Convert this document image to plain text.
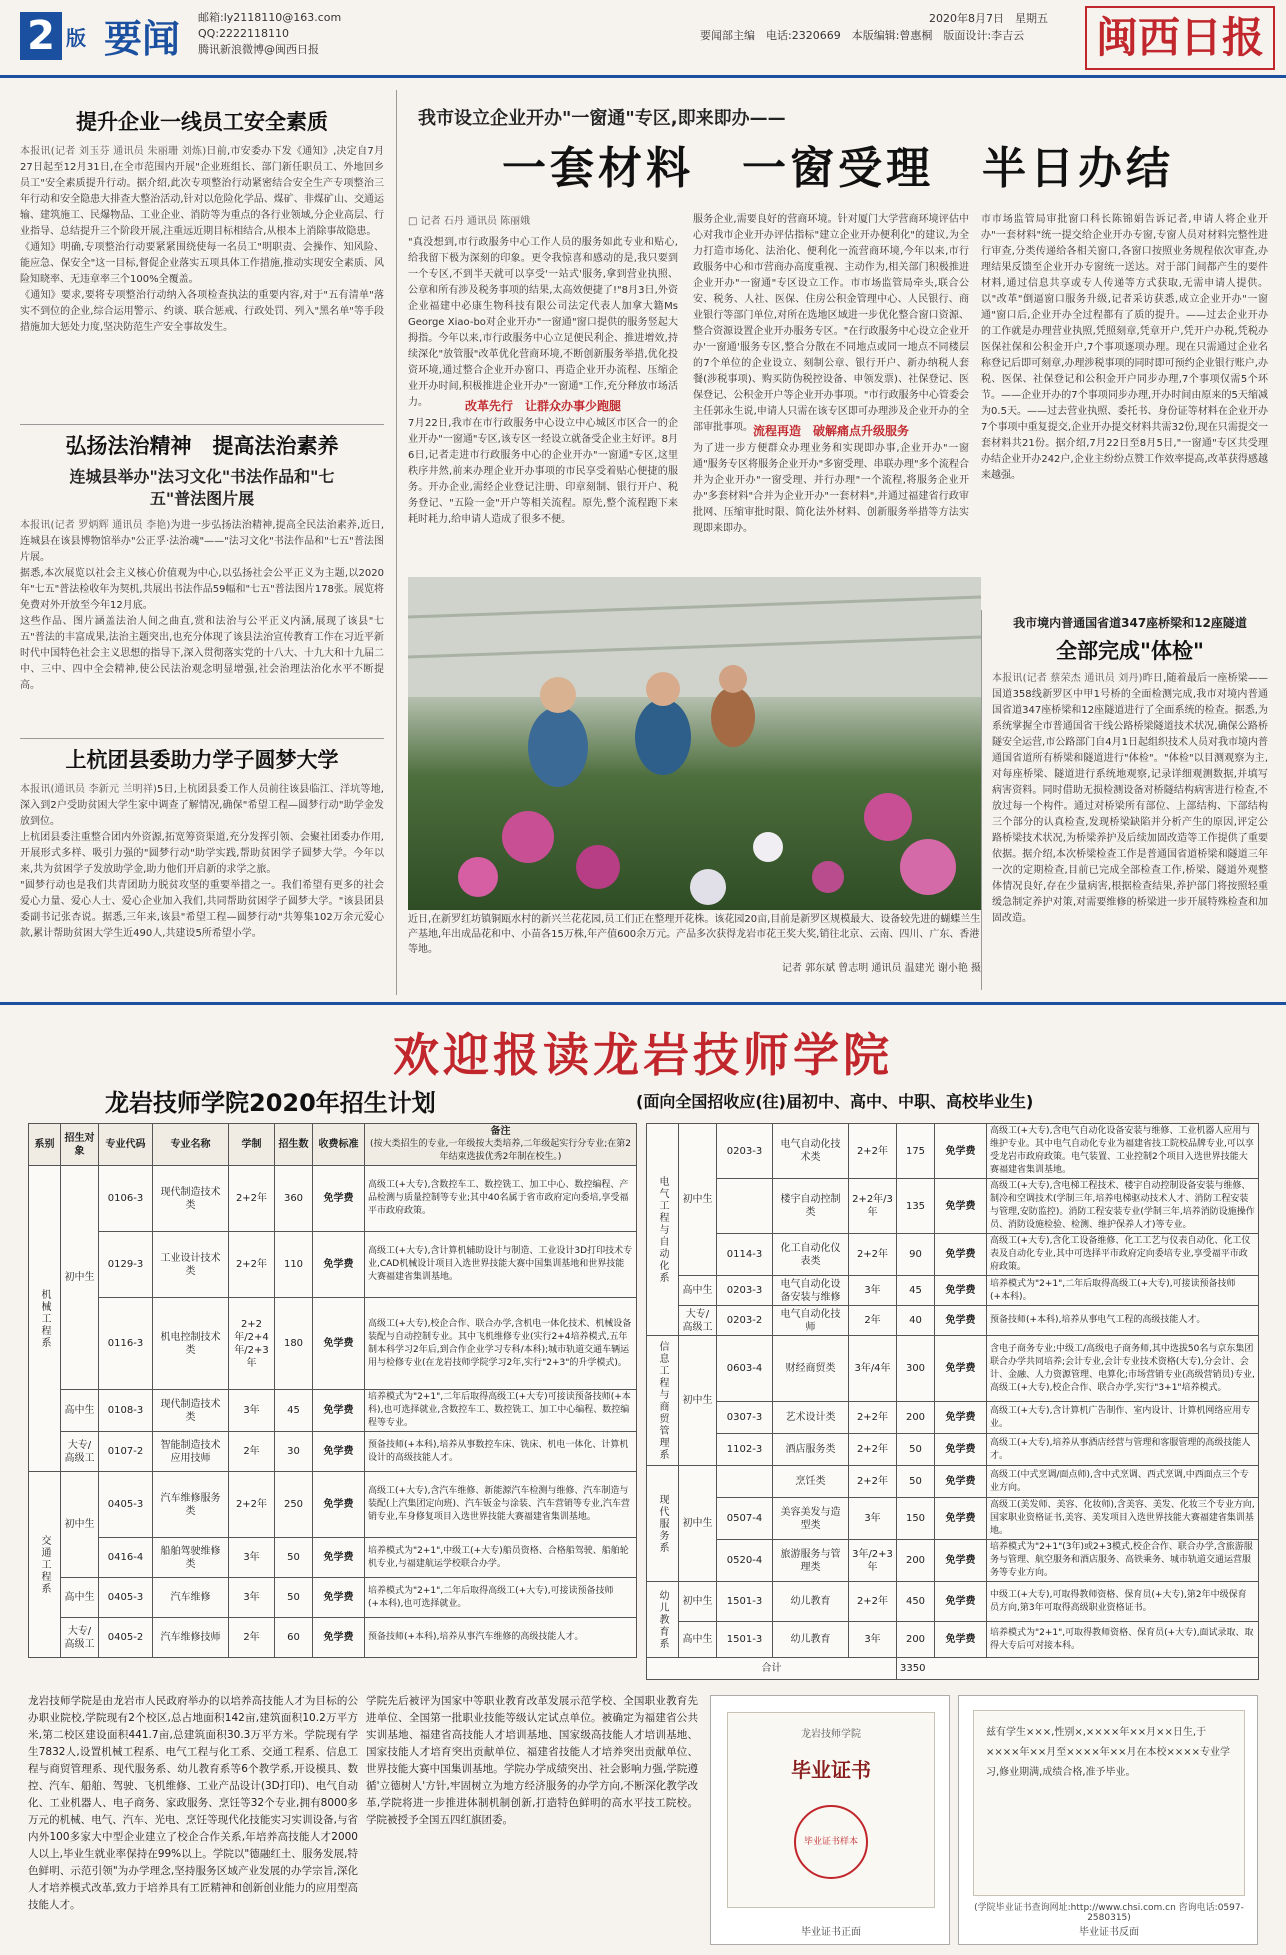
2 版 要闻 邮箱:ly2118110@163.com
QQ:2222118110
腾讯新浪微博@闽西日报
2020年8月7日　星期五
要闻部主编　电话:2320669　本版编辑:曾惠桐　版面设计:李吉云	闽西日报
提升企业一线员工安全素质
本报讯(记者 刘玉芬 通讯员 朱丽珊 刘炼)日前,市安委办下发《通知》,决定自7月27日起至12月31日,在全市范围内开展"企业班组长、部门新任职员工、外地回乡员工"安全素质提升行动。据介绍,此次专项整治行动紧密结合安全生产专项整治三年行动和安全隐患大排查大整治活动,针对以危险化学品、煤矿、非煤矿山、交通运输、建筑施工、民爆物品、工业企业、消防等为重点的各行业领域,分企业高层、行业指导、总结提升三个阶段开展,注重远近期目标相结合,从根本上消除事故隐患。
《通知》明确,专项整治行动要紧紧围绕使每一名员工"明职责、会操作、知风险、能应急、保安全"这一目标,督促企业落实五项具体工作措施,推动实现安全素质、风险知晓率、无违章率三个100%全覆盖。
《通知》要求,要将专项整治行动纳入各项检查执法的重要内容,对于"五有清单"落实不到位的企业,综合运用警示、约谈、联合惩戒、行政处罚、列入"黑名单"等手段措施加大惩处力度,坚决防范生产安全事故发生。
弘扬法治精神　提高法治素养
连城县举办"法习文化"书法作品和"七五"普法图片展
本报讯(记者 罗炳辉 通讯员 李艳)为进一步弘扬法治精神,提高全民法治素养,近日,连城县在该县博物馆举办"公正孚·法治魂"——"法习文化"书法作品和"七五"普法图片展。
据悉,本次展览以社会主义核心价值观为中心,以弘扬社会公平正义为主题,以2020年"七五"普法检收年为契机,共展出书法作品59幅和"七五"普法图片178张。展览将免费对外开放至今年12月底。
这些作品、图片涵盖法治人间之曲直,赏和法治与公平正义内涵,展现了该县"七五"普法的丰富成果,法治主题突出,也充分体现了该县法治宣传教育工作在习近平新时代中国特色社会主义思想的指导下,深入贯彻落实党的十八大、十九大和十九届二中、三中、四中全会精神,使公民法治观念明显增强,社会治理法治化水平不断提高。
上杭团县委助力学子圆梦大学
本报讯(通讯员 李新元 兰明祥)5日,上杭团县委工作人员前往该县临江、洋坑等地,深入到2户受助贫困大学生家中调查了解情况,确保"希望工程—圆梦行动"助学金发放到位。
上杭团县委注重整合团内外资源,拓宽筹资渠道,充分发挥引领、会聚社团委办作用,开展形式多样、吸引力强的"圆梦行动"助学实践,帮助贫困学子圆梦大学。今年以来,共为贫困学子发放助学金,助力他们开启新的求学之旅。
"圆梦行动也是我们共青团助力脱贫攻坚的重要举措之一。我们希望有更多的社会爱心力量、爱心人士、爱心企业加入我们,共同帮助贫困学子圆梦大学。"该县团县委副书记张杏说。据悉,三年来,该县"希望工程—圆梦行动"共筹集102万余元爱心款,累计帮助贫困大学生近490人,共建设5所希望小学。
我市设立企业开办"一窗通"专区,即来即办——
一套材料　一窗受理　半日办结
□ 记者 石丹 通讯员 陈丽娥
"真没想到,市行政服务中心工作人员的服务如此专业和贴心,给我留下极为深刻的印象。更令我惊喜和感动的是,我只要到一个专区,不到半天就可以享受'一站式'服务,拿到营业执照、公章和所有涉及税务事项的结果,太高效便捷了!"8月3日,外资企业福建中必康生物科技有限公司法定代表人加拿大籍Ms George Xiao-bo对企业开办"一窗通"窗口提供的服务竖起大拇指。今年以来,市行政服务中心立足便民利企、推进增效,持续深化"放管服"改革优化营商环境,不断创新服务举措,优化投资环境,通过整合企业开办窗口、再造企业开办流程、压缩企业开办时间,积极推进企业开办"一窗通"工作,充分释放市场活力。	改革先行　让群众办事少跑腿
7月22日,我市在市行政服务中心设立中心城区市区合一的企业开办"一窗通"专区,该专区一经设立就备受企业主好评。8月6日,记者走进市行政服务中心的企业开办"一窗通"专区,这里秩序井然,前来办理企业开办事项的市民享受着贴心便捷的服务。开办企业,需经企业登记注册、印章刻制、银行开户、税务登记、"五险一金"开户等相关流程。原先,整个流程跑下来耗时耗力,给申请人造成了很多不便。
服务企业,需要良好的营商环境。针对厦门大学营商环境评估中心对我市企业开办评估指标"建立企业开办便利化"的建议,为全力打造市场化、法治化、便利化一流营商环境,今年以来,市行政服务中心和市营商办高度重视、主动作为,相关部门积极推进企业开办"一窗通"专区设立工作。市市场监管局牵头,联合公安、税务、人社、医保、住房公积金管理中心、人民银行、商业银行等部门单位,对所在选地区域进一步优化整合窗口资源、整合资源设置企业开办服务专区。"在行政服务中心设立企业开办'一窗通'服务专区,整合分散在不同地点或同一地点不同楼层的7个单位的企业设立、刻制公章、银行开户、新办纳税人套餐(涉税事项)、购买防伪税控设备、申领发票)、社保登记、医保登记、公积金开户等企业开办事项。"市行政服务中心管委会主任郭永生说,申请人只需在该专区即可办理涉及企业开办的全部审批事项。 流程再造　破解痛点升级服务
为了进一步方便群众办理业务和实现即办事,企业开办"一窗通"服务专区将服务企业开办"多窗受理、串联办理"多个流程合并为企业开办"一窗受理、并行办理"一个流程,将服务企业开办"多套材料"合并为企业开办"一套材料",并通过福建省行政审批网、压缩审批时限、简化法外材料、创新服务举措等方法实现即来即办。
市市场监管局审批窗口科长陈锦娟告诉记者,申请人将企业开办"一套材料"统一提交给企业开办专窗,专窗人员对材料完整性进行审查,分类传递给各相关窗口,各窗口按照业务规程依次审查,办理结果反馈至企业开办专窗统一送达。对于部门间都产生的要件材料,通过信息共享或专人传递等方式获取,无需申请人提供。以"改革"倒逼窗口服务升级,记者采访获悉,成立企业开办"一窗通"窗口后,企业开办全过程都有了质的提升。——过去企业开办的工作就是办理营业执照,凭照刻章,凭章开户,凭开户办税,凭税办医保社保和公积金开户,7个事项逐项办理。现在只需通过企业名称登记后即可刻章,办理涉税事项的同时即可预约企业银行账户,办税、医保、社保登记和公积金开户同步办理,7个事项仅需5个环节。——企业开办的7个事项同步办理,开办时间由原来的5天缩减为0.5天。——过去营业执照、委托书、身份证等材料在企业开办7个事项中重复提交,企业开办提交材料共需32份,现在只需提交一套材料共21份。据介绍,7月22日至8月5日,"一窗通"专区共受理办结企业开办242户,企业主纷纷点赞工作效率提高,改革获得感越来越强。
近日,在新罗红坊镇铜瓯水村的新兴兰花花园,员工们正在整理开花株。该花园20亩,目前是新罗区规模最大、设备较先进的蝴蝶兰生产基地,年出成品花和中、小苗各15万株,年产值600余万元。产品多次获得龙岩市花王奖大奖,销往北京、云南、四川、广东、香港等地。
记者 郭东斌 曾志明 通讯员 温建光 谢小艳 摄
我市境内普通国省道347座桥梁和12座隧道
全部完成"体检"
本报讯(记者 蔡荣杰 通讯员 刘丹)昨日,随着最后一座桥梁——国道358线新罗区中甲1号桥的全面检测完成,我市对境内普通国省道347座桥梁和12座隧道进行了全面系统的检查。据悉,为系统掌握全市普通国省干线公路桥梁隧道技术状况,确保公路桥隧安全运营,市公路部门自4月1日起组织技术人员对我市境内普通国省道所有桥梁和隧道进行"体检"。"体检"以目测观察为主,对每座桥梁、隧道进行系统地观察,记录详细观测数据,并填写病害资料。同时借助无损检测设备对桥隧结构病害进行检查,不放过每一个构件。通过对桥梁所有部位、上部结构、下部结构三个部分的认真检查,发现桥梁缺陷并分析产生的原因,评定公路桥梁技术状况,为桥梁养护及后续加固改造等工作提供了重要依据。据介绍,本次桥梁检查工作是普通国省道桥梁和隧道三年一次的定期检查,目前已完成全部检查工作,桥梁、隧道外观整体情况良好,存在少量病害,根据检查结果,养护部门将按照轻重缓急制定养护对策,对需要维修的桥梁进一步开展特殊检查和加固改造。
欢迎报读龙岩技师学院
龙岩技师学院2020年招生计划	(面向全国招收应(往)届初中、高中、中职、高校毕业生)
系别	招生对象	专业代码	专业名称	学制	招生数	收费标准	备注
(按大类招生的专业,一年级按大类培养,二年级起实行分专业;在第2年结束选拔优秀2年制在校生。)

机械工程系	初中生	0106-3	现代制造技术类	2+2年	360	免学费	高级工(+大专),含数控车工、数控铣工、加工中心、数控编程、产品检测与质量控制等专业;其中40名属于省市政府定向委培,享受福平市政府政策。
		0129-3	工业设计技术类	2+2年	110	免学费	高级工(+大专),含计算机辅助设计与制造、工业设计3D打印技术专业,CAD机械设计项目入选世界技能大赛中国集训基地和世界技能大赛福建省集训基地。
		0116-3	机电控制技术类	2+2年/2+4年/2+3年	180	免学费	高级工(+大专),校企合作、联合办学,含机电一体化技术、机械设备装配与自动控制专业。其中飞机维修专业(实行2+4培养模式,五年制本科学习2年后,到合作企业学习专科/本科);城市轨道交通车辆运用与检修专业(在龙岩技师学院学习2年,实行"2+3"的升学模式)。
	高中生	0108-3	现代制造技术类	3年	45	免学费	培养模式为"2+1",二年后取得高级工(+大专)可接读预备技师(+本科),也可选择就业,含数控车工、数控铣工、加工中心编程、数控编程等专业。
	大专/高级工	0107-2	智能制造技术应用技师	2年	30	免学费	预备技师(+本科),培养从事数控车床、铣床、机电一体化、计算机设计的高级技能人才。
交通工程系	初中生	0405-3	汽车维修服务类	2+2年	250	免学费	高级工(+大专),含汽车维修、新能源汽车检测与维修、汽车制造与装配(上汽集团定向班)、汽车钣金与涂装、汽车营销等专业,汽车营销专业,车身修复项目入选世界技能大赛福建省集训基地。
		0416-4	船舶驾驶维修类	3年	50	免学费	培养模式为"2+1",中级工(+大专)船员资格、合格船驾驶、船舶轮机专业,与福建航运学校联合办学。
	高中生	0405-3	汽车维修	3年	50	免学费	培养模式为"2+1",二年后取得高级工(+大专),可接读预备技师(+本科),也可选择就业。
	大专/高级工	0405-2	汽车维修技师	2年	60	免学费	预备技师(+本科),培养从事汽车维修的高级技能人才。
电气工程与自动化系	初中生	0203-3	电气自动化技术类	2+2年	175	免学费	高级工(+大专),含电气自动化设备安装与维修、工业机器人应用与维护专业。其中电气自动化专业为福建省技工院校品牌专业,可以享受龙岩市政府政策。电气装置、工业控制2个项目入选世界技能大赛福建省集训基地。
			楼宇自动控制类	2+2年/3年	135	免学费	高级工(+大专),含电梯工程技术、楼宇自动控制设备安装与维修、制冷和空调技术(学制三年,培养电梯驱动技术人才、消防工程安装与管理,安防监控)。消防工程安装专业(学制三年,培养消防设施操作员、消防设施检验、检测、维护保养人才)等专业。
		0114-3	化工自动化仪表类	2+2年	90	免学费	高级工(+大专),含化工设备维修、化工工艺与仪表自动化、化工仪表及自动化专业,其中可选择平市政府定向委培专业,享受福平市政府政策。
	高中生	0203-3	电气自动化设备安装与维修	3年	45	免学费	培养模式为"2+1",二年后取得高级工(+大专),可接读预备技师(+本科)。
	大专/高级工	0203-2	电气自动化技师	2年	40	免学费	预备技师(+本科),培养从事电气工程的高级技能人才。
信息工程与商贸管理系	初中生	0603-4	财经商贸类	3年/4年	300	免学费	含电子商务专业;中级工/高级电子商务师,其中选拔50名与京东集团联合办学共同培养;会计专业,会计专业技术资格(大专),分会计、会计、金融、人力资源管理、电算化;市场营销专业(高级营销员)专业,高级工(+大专),校企合作、联合办学,实行"3+1"培养模式。
		0307-3	艺术设计类	2+2年	200	免学费	高级工(+大专),含计算机广告制作、室内设计、计算机网络应用专业。
		1102-3	酒店服务类	2+2年	50	免学费	高级工(+大专),培养从事酒店经营与管理和客服管理的高级技能人才。
现代服务系	初中生		烹饪类	2+2年	50	免学费	高级工(中式烹调/面点师),含中式烹调、西式烹调,中西面点三个专业方向。
		0507-4	美容美发与造型类	3年	150	免学费	高级工(美发师、美容、化妆师),含美容、美发、化妆三个专业方向,国家职业资格证书,美容、美发项目入选世界技能大赛福建省集训基地。
		0520-4	旅游服务与管理类	3年/2+3年	200	免学费	培养模式为"2+1"(3年)或2+3模式,校企合作、联合办学,含旅游服务与管理、航空服务和酒店服务、高铁乘务、城市轨道交通运营服务等专业方向。
幼儿教育系	初中生	1501-3	幼儿教育	2+2年	450	免学费	中级工(+大专),可取得教师资格、保育员(+大专),第2年中级保育员方向,第3年可取得高级职业资格证书。
	高中生	1501-3	幼儿教育	3年	200	免学费	培养模式为"2+1",可取得教师资格、保育员(+大专),面试录取、取得大专后可对接本科。
合计					3350		
龙岩技师学院是由龙岩市人民政府举办的以培养高技能人才为目标的公办职业院校,学院现有2个校区,总占地面积142亩,建筑面积10.2万平方米,第二校区建设面积441.7亩,总建筑面积30.3万平方米。学院现有学生7832人,设置机械工程系、电气工程与化工系、交通工程系、信息工程与商贸管理系、现代服务系、幼儿教育系等6个教学系,开设模具、数控、汽车、船舶、驾驶、飞机维修、工业产品设计(3D打印)、电气自动化、工业机器人、电子商务、家政服务、烹饪等32个专业,拥有8000多万元的机械、电气、汽车、光电、烹饪等现代化技能实习实训设备,与省内外100多家大中型企业建立了校企合作关系,年培养高技能人才2000人以上,毕业生就业率保持在99%以上。学院以"德融红土、服务发展,特色鲜明、示范引领"为办学理念,坚持服务区域产业发展的办学宗旨,深化人才培养模式改革,致力于培养具有工匠精神和创新创业能力的应用型高技能人才。
学院先后被评为国家中等职业教育改革发展示范学校、全国职业教育先进单位、全国第一批职业技能等级认定试点单位。被确定为福建省公共实训基地、福建省高技能人才培训基地、国家级高技能人才培训基地、国家技能人才培育突出贡献单位、福建省技能人才培养突出贡献单位、世界技能大赛中国集训基地。学院办学成绩突出、社会影响力强,学院遵循'立德树人'方针,牢固树立为地方经济服务的办学方向,不断深化教学改革,学院将进一步推进体制机制创新,打造特色鲜明的高水平技工院校。学院被授予全国五四红旗团委。
龙岩技师学院
毕业证书
毕业证书样本
毕业证书正面
兹有学生×××,性别×,××××年××月××日生,于××××年××月至××××年××月在本校××××专业学习,修业期满,成绩合格,准予毕业。
(学院毕业证书查询网址:http://www.chsi.com.cn 咨询电话:0597-2580315)
毕业证书反面
